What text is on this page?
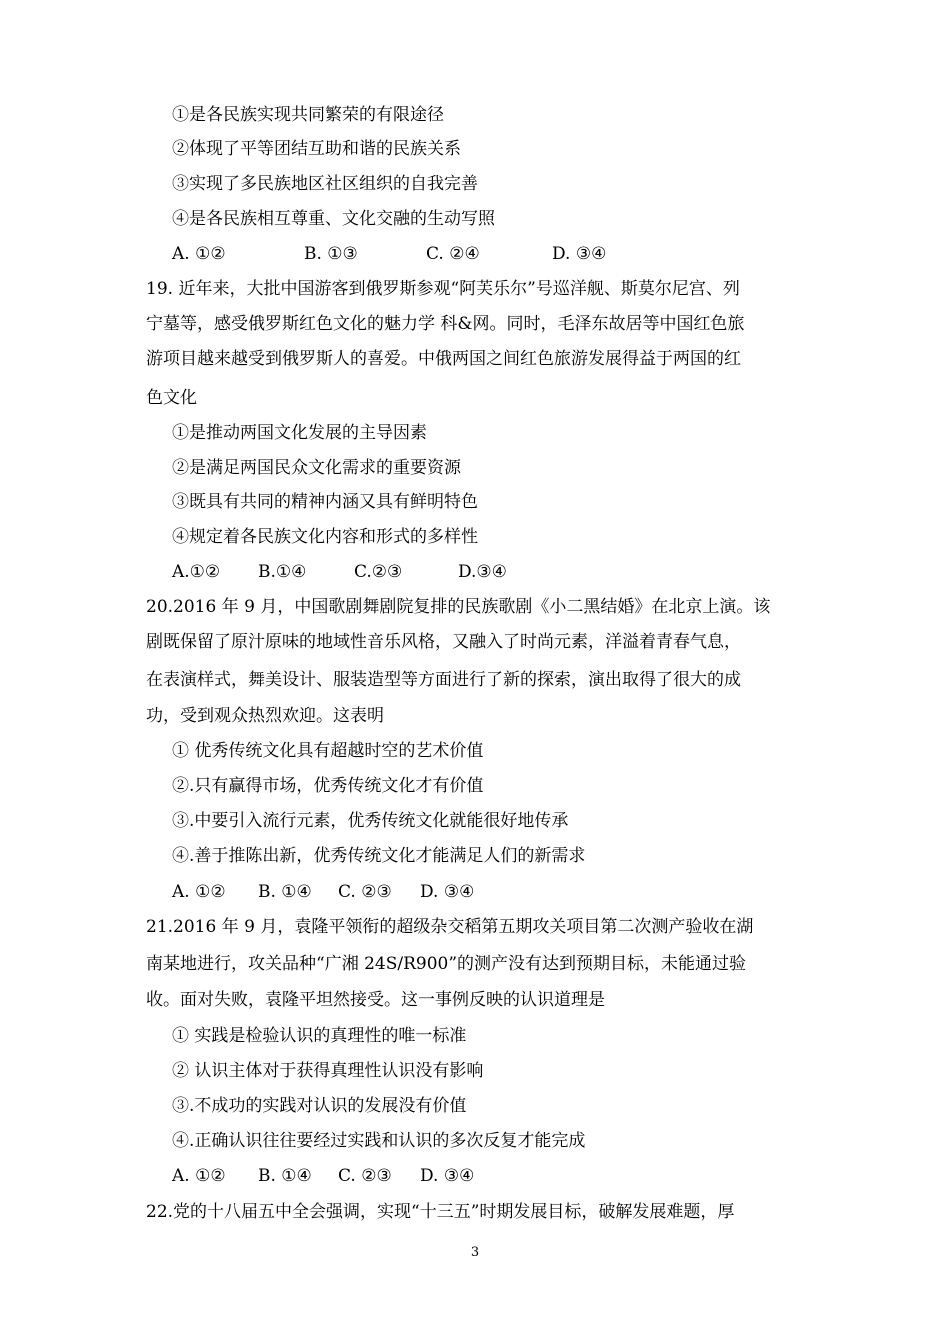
①是各民族实现共同繁荣的有限途径
②体现了平等团结互助和谐的民族关系
③实现了多民族地区社区组织的自我完善
④是各民族相互尊重、文化交融的生动写照
A. ①②	B. ①③	C. ②④	D. ③④
19. 近年来，大批中国游客到俄罗斯参观“阿芙乐尔”号巡洋舰、斯莫尔尼宫、列
宁墓等，感受俄罗斯红色文化的魅力学 科&网。同时，毛泽东故居等中国红色旅
游项目越来越受到俄罗斯人的喜爱。中俄两国之间红色旅游发展得益于两国的红
色文化
①是推动两国文化发展的主导因素
②是满足两国民众文化需求的重要资源
③既具有共同的精神内涵又具有鲜明特色
④规定着各民族文化内容和形式的多样性
A.①② B.①④	C.②③	D.③④
20.2016 年 9 月，中国歌剧舞剧院复排的民族歌剧《小二黑结婚》在北京上演。该
剧既保留了原汁原味的地域性音乐风格，又融入了时尚元素，洋溢着青春气息，
在表演样式，舞美设计、服装造型等方面进行了新的探索，演出取得了很大的成
功，受到观众热烈欢迎。这表明
① 优秀传统文化具有超越时空的艺术价值
②.只有赢得市场，优秀传统文化才有价值
③.中要引入流行元素，优秀传统文化就能很好地传承
④.善于推陈出新，优秀传统文化才能满足人们的新需求
A. ①② B. ①④ C. ②③ D. ③④
21.2016 年 9 月，袁隆平领衔的超级杂交稻第五期攻关项目第二次测产验收在湖
南某地进行，攻关品种“广湘 24S/R900”的测产没有达到预期目标，未能通过验
收。面对失败，袁隆平坦然接受。这一事例反映的认识道理是
① 实践是检验认识的真理性的唯一标准
② 认识主体对于获得真理性认识没有影响
③.不成功的实践对认识的发展没有价值
④.正确认识往往要经过实践和认识的多次反复才能完成
A. ①② B. ①④ C. ②③ D. ③④
22.党的十八届五中全会强调，实现“十三五”时期发展目标，破解发展难题，厚
3
